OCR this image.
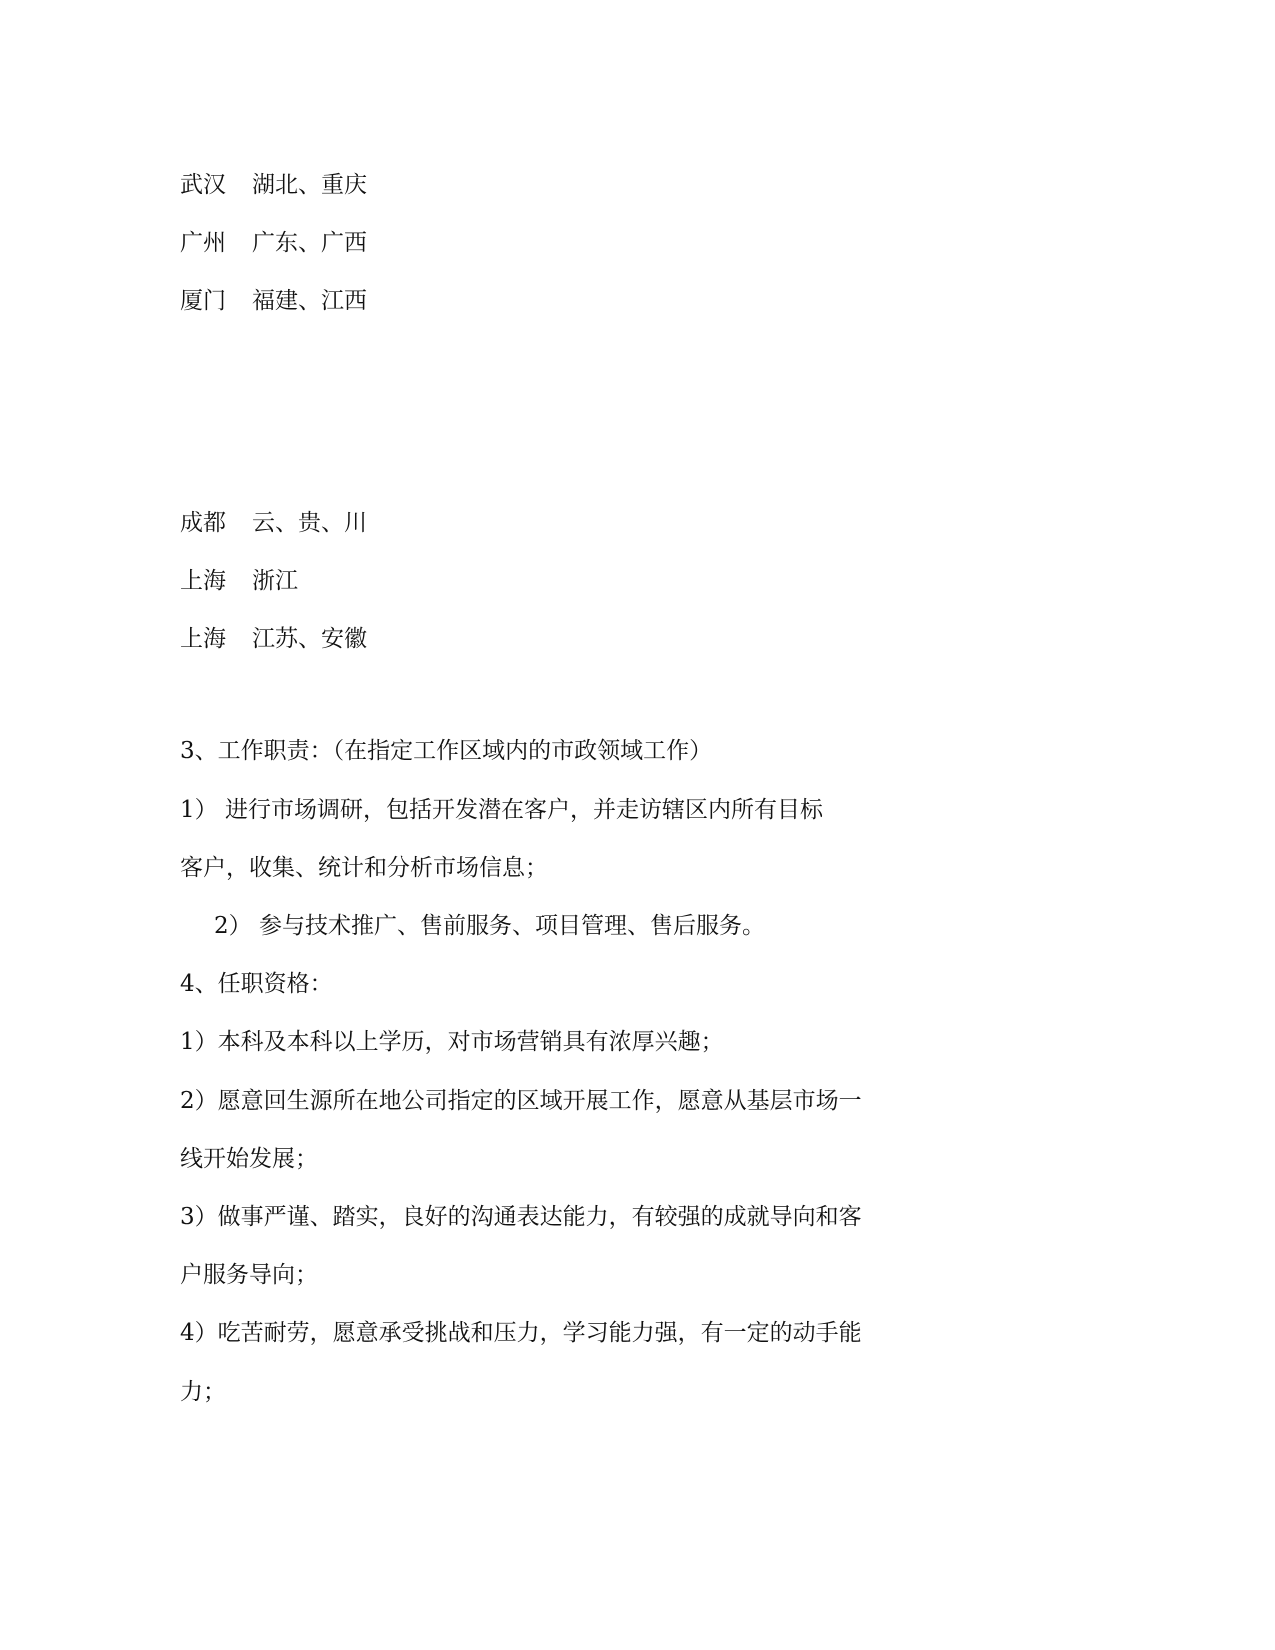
武汉 湖北、重庆
广州 广东、广西
厦门 福建、江西
成都 云、贵、川
上海 浙江
上海 江苏、安徽
3、工作职责：（在指定工作区域内的市政领域工作）
1） 进行市场调研，包括开发潜在客户，并走访辖区内所有目标
客户，收集、统计和分析市场信息；
2） 参与技术推广、售前服务、项目管理、售后服务。
4、任职资格：
1）本科及本科以上学历，对市场营销具有浓厚兴趣；
2）愿意回生源所在地公司指定的区域开展工作，愿意从基层市场一
线开始发展；
3）做事严谨、踏实，良好的沟通表达能力，有较强的成就导向和客
户服务导向；
4）吃苦耐劳，愿意承受挑战和压力，学习能力强，有一定的动手能
力；
